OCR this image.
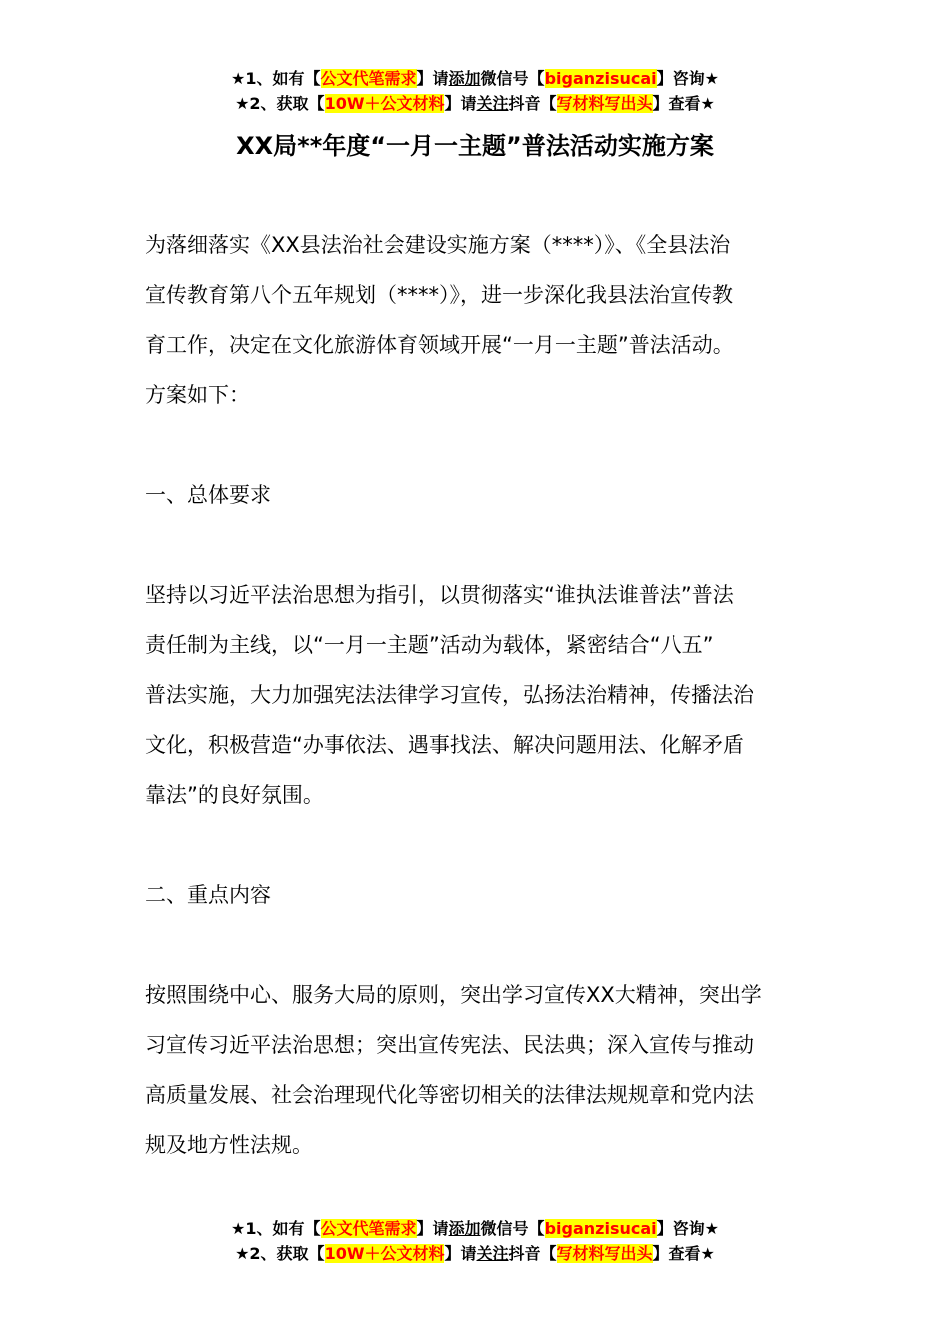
★1、如有【公文代笔需求】请添加微信号【biganzisucai】咨询★
★2、获取【10W＋公文材料】请关注抖音【写材料写出头】查看★
XX局**年度“一月一主题”普法活动实施方案

为落细落实《XX县法治社会建设实施方案（****）》、《全县法治
宣传教育第八个五年规划（****）》，进一步深化我县法治宣传教
育工作，决定在文化旅游体育领域开展“一月一主题”普法活动。
方案如下：

一、总体要求

坚持以习近平法治思想为指引，以贯彻落实“谁执法谁普法”普法
责任制为主线，以“一月一主题”活动为载体，紧密结合“八五”
普法实施，大力加强宪法法律学习宣传，弘扬法治精神，传播法治
文化，积极营造“办事依法、遇事找法、解决问题用法、化解矛盾
靠法”的良好氛围。

二、重点内容

按照围绕中心、服务大局的原则，突出学习宣传XX大精神，突出学
习宣传习近平法治思想；突出宣传宪法、民法典；深入宣传与推动
高质量发展、社会治理现代化等密切相关的法律法规规章和党内法
规及地方性法规。

★1、如有【公文代笔需求】请添加微信号【biganzisucai】咨询★
★2、获取【10W＋公文材料】请关注抖音【写材料写出头】查看★
